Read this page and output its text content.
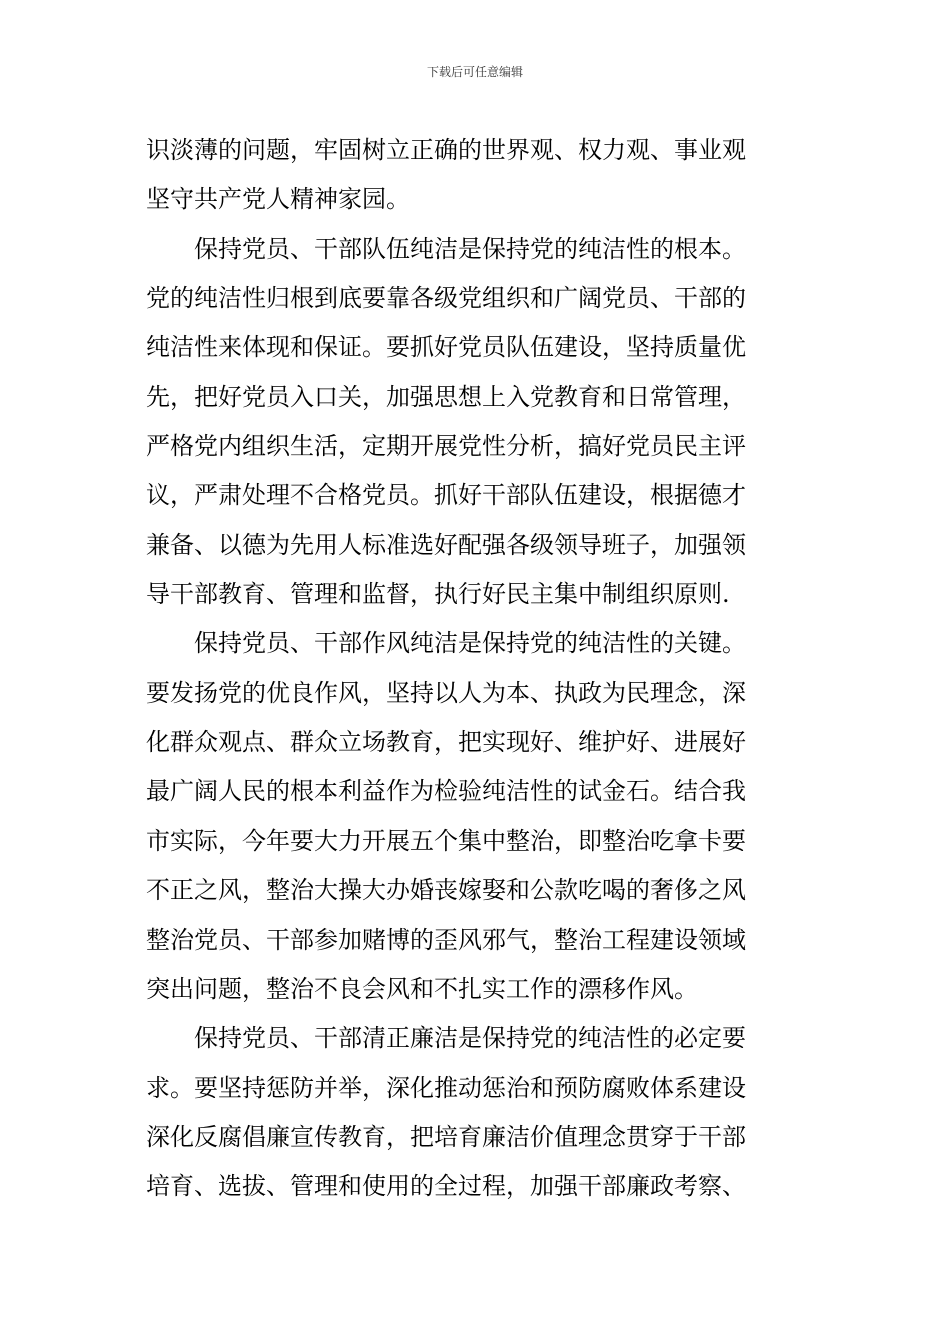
下载后可任意编辑
识淡薄的问题，牢固树立正确的世界观、权力观、事业观
坚守共产党人精神家园。
　　保持党员、干部队伍纯洁是保持党的纯洁性的根本。
党的纯洁性归根到底要靠各级党组织和广阔党员、干部的
纯洁性来体现和保证。要抓好党员队伍建设，坚持质量优
先，把好党员入口关，加强思想上入党教育和日常管理，
严格党内组织生活，定期开展党性分析，搞好党员民主评
议，严肃处理不合格党员。抓好干部队伍建设，根据德才
兼备、以德为先用人标准选好配强各级领导班子，加强领
导干部教育、管理和监督，执行好民主集中制组织原则.
　　保持党员、干部作风纯洁是保持党的纯洁性的关键。
要发扬党的优良作风，坚持以人为本、执政为民理念，深
化群众观点、群众立场教育，把实现好、维护好、进展好
最广阔人民的根本利益作为检验纯洁性的试金石。结合我
市实际，今年要大力开展五个集中整治，即整治吃拿卡要
不正之风，整治大操大办婚丧嫁娶和公款吃喝的奢侈之风
整治党员、干部参加赌博的歪风邪气，整治工程建设领域
突出问题，整治不良会风和不扎实工作的漂移作风。
　　保持党员、干部清正廉洁是保持党的纯洁性的必定要
求。要坚持惩防并举，深化推动惩治和预防腐败体系建设
深化反腐倡廉宣传教育，把培育廉洁价值理念贯穿于干部
培育、选拔、管理和使用的全过程，加强干部廉政考察、
